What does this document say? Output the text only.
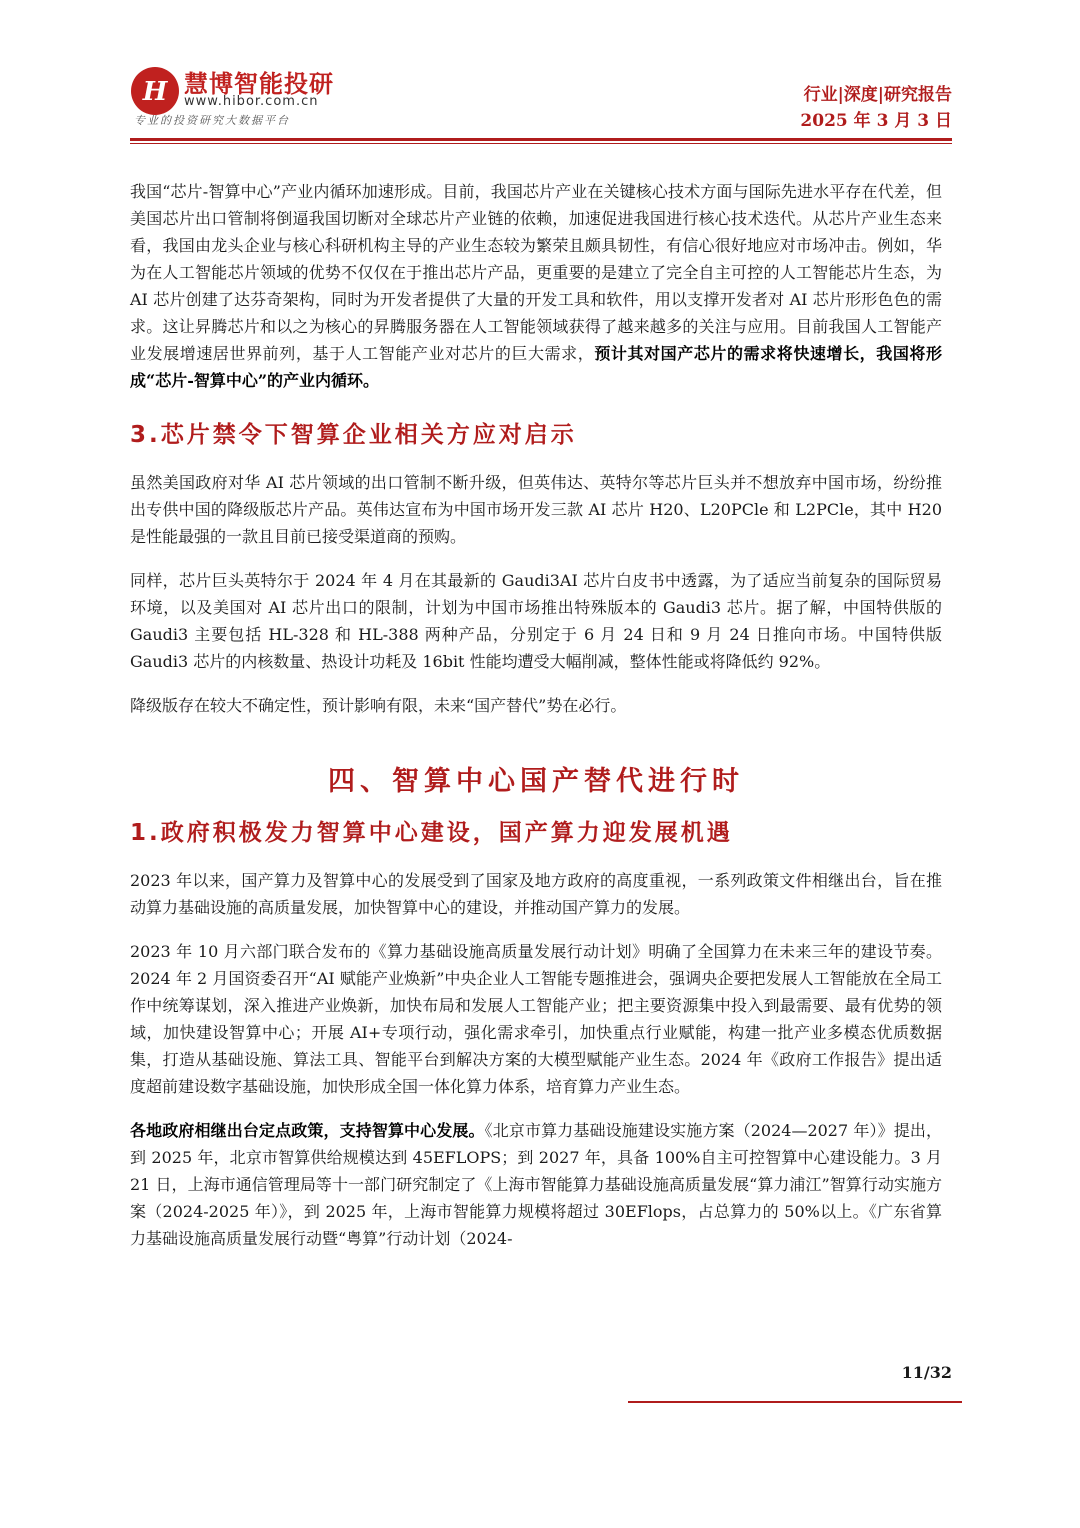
H 慧博智能投研
www.hibor.com.cn
专业的投资研究大数据平台
行业|深度|研究报告
2025 年 3 月 3 日

我国“芯片-智算中心”产业内循环加速形成。目前，我国芯片产业在关键核心技术方面与国际先进水平存在代差，但美国芯片出口管制将倒逼我国切断对全球芯片产业链的依赖，加速促进我国进行核心技术迭代。从芯片产业生态来看，我国由龙头企业与核心科研机构主导的产业生态较为繁荣且颇具韧性，有信心很好地应对市场冲击。例如，华为在人工智能芯片领域的优势不仅仅在于推出芯片产品，更重要的是建立了完全自主可控的人工智能芯片生态，为 AI 芯片创建了达芬奇架构，同时为开发者提供了大量的开发工具和软件，用以支撑开发者对 AI 芯片形形色色的需求。这让昇腾芯片和以之为核心的昇腾服务器在人工智能领域获得了越来越多的关注与应用。目前我国人工智能产业发展增速居世界前列，基于人工智能产业对芯片的巨大需求，预计其对国产芯片的需求将快速增长，我国将形成“芯片-智算中心”的产业内循环。

3.芯片禁令下智算企业相关方应对启示

虽然美国政府对华 AI 芯片领域的出口管制不断升级，但英伟达、英特尔等芯片巨头并不想放弃中国市场，纷纷推出专供中国的降级版芯片产品。英伟达宣布为中国市场开发三款 AI 芯片 H20、L20PCle 和 L2PCle，其中 H20 是性能最强的一款且目前已接受渠道商的预购。

同样，芯片巨头英特尔于 2024 年 4 月在其最新的 Gaudi3AI 芯片白皮书中透露，为了适应当前复杂的国际贸易环境，以及美国对 AI 芯片出口的限制，计划为中国市场推出特殊版本的 Gaudi3 芯片。据了解，中国特供版的 Gaudi3 主要包括 HL-328 和 HL-388 两种产品，分别定于 6 月 24 日和 9 月 24 日推向市场。中国特供版 Gaudi3 芯片的内核数量、热设计功耗及 16bit 性能均遭受大幅削减，整体性能或将降低约 92%。

降级版存在较大不确定性，预计影响有限，未来“国产替代”势在必行。

四、智算中心国产替代进行时
1.政府积极发力智算中心建设，国产算力迎发展机遇

2023 年以来，国产算力及智算中心的发展受到了国家及地方政府的高度重视，一系列政策文件相继出台，旨在推动算力基础设施的高质量发展，加快智算中心的建设，并推动国产算力的发展。

2023 年 10 月六部门联合发布的《算力基础设施高质量发展行动计划》明确了全国算力在未来三年的建设节奏。2024 年 2 月国资委召开“AI 赋能产业焕新”中央企业人工智能专题推进会，强调央企要把发展人工智能放在全局工作中统筹谋划，深入推进产业焕新，加快布局和发展人工智能产业；把主要资源集中投入到最需要、最有优势的领域，加快建设智算中心；开展 AI+专项行动，强化需求牵引，加快重点行业赋能，构建一批产业多模态优质数据集，打造从基础设施、算法工具、智能平台到解决方案的大模型赋能产业生态。2024 年《政府工作报告》提出适度超前建设数字基础设施，加快形成全国一体化算力体系，培育算力产业生态。

各地政府相继出台定点政策，支持智算中心发展。《北京市算力基础设施建设实施方案（2024—2027 年）》提出，到 2025 年，北京市智算供给规模达到 45EFLOPS；到 2027 年，具备 100%自主可控智算中心建设能力。3 月 21 日，上海市通信管理局等十一部门研究制定了《上海市智能算力基础设施高质量发展“算力浦江”智算行动实施方案（2024-2025 年）》，到 2025 年，上海市智能算力规模将超过 30EFlops，占总算力的 50%以上。《广东省算力基础设施高质量发展行动暨“粤算”行动计划（2024-

11/32
